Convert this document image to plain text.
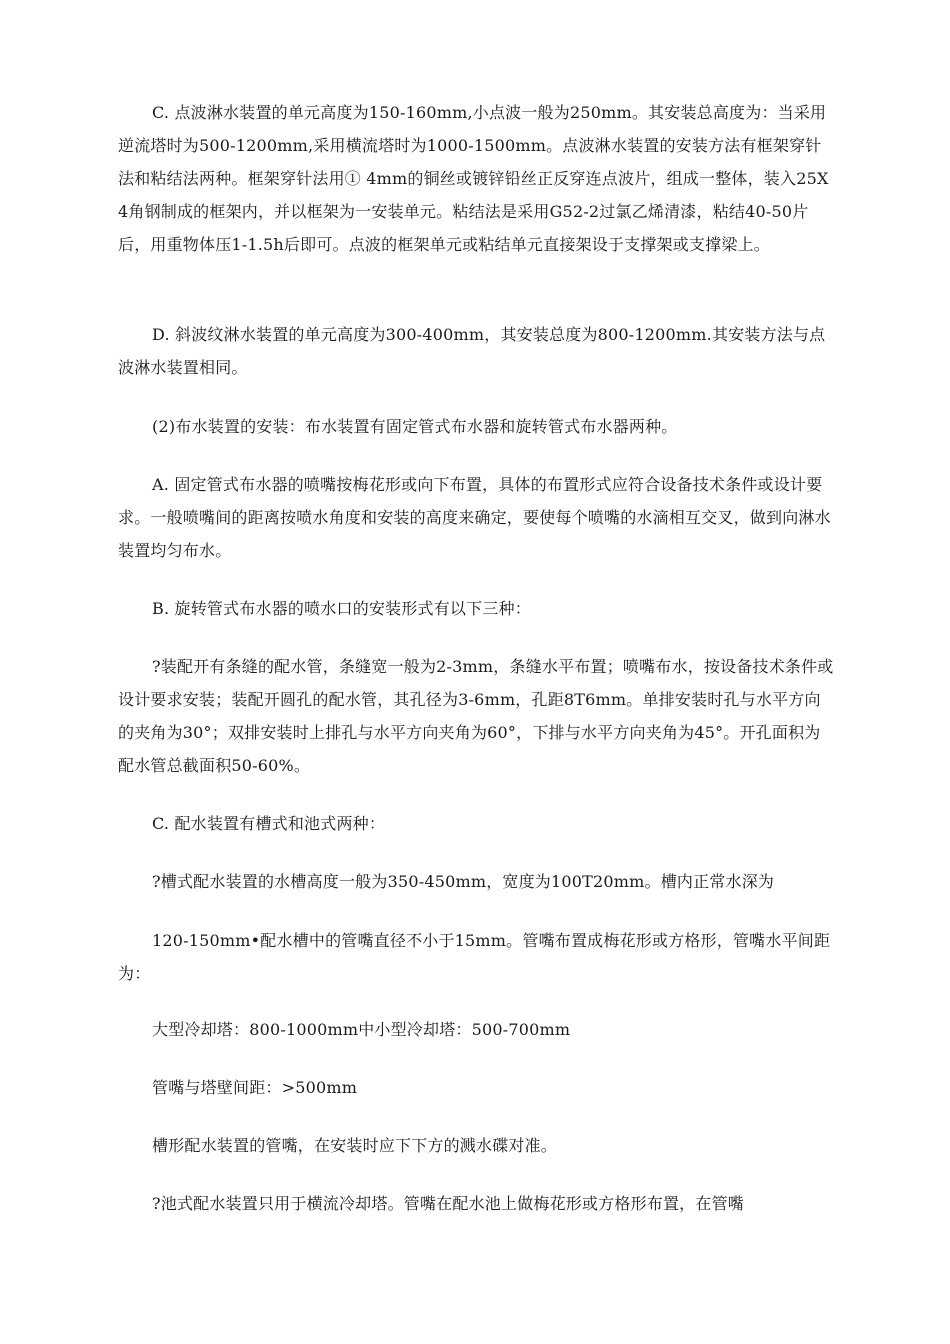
C. 点波淋水装置的单元高度为150-160mm,小点波一般为250mm。其安装总高度为：当采用逆流塔时为500-1200mm,采用横流塔时为1000-1500mm。点波淋水装置的安装方法有框架穿针法和粘结法两种。框架穿针法用① 4mm的铜丝或镀锌铅丝正反穿连点波片，组成一整体，装入25X4角钢制成的框架内，并以框架为一安装单元。粘结法是采用G52-2过氯乙烯清漆，粘结40-50片后，用重物体压1-1.5h后即可。点波的框架单元或粘结单元直接架设于支撑架或支撑梁上。

D. 斜波纹淋水装置的单元高度为300-400mm，其安装总度为800-1200mm.其安装方法与点波淋水装置相同。

(2)布水装置的安装：布水装置有固定管式布水器和旋转管式布水器两种。

A. 固定管式布水器的喷嘴按梅花形或向下布置，具体的布置形式应符合设备技术条件或设计要求。一般喷嘴间的距离按喷水角度和安装的高度来确定，要使每个喷嘴的水滴相互交叉，做到向淋水装置均匀布水。

B. 旋转管式布水器的喷水口的安装形式有以下三种：

?装配开有条缝的配水管，条缝宽一般为2-3mm，条缝水平布置；喷嘴布水，按设备技术条件或设计要求安装；装配开圆孔的配水管，其孔径为3-6mm，孔距8T6mm。单排安装时孔与水平方向的夹角为30°；双排安装时上排孔与水平方向夹角为60°，下排与水平方向夹角为45°。开孔面积为配水管总截面积50-60%。

C. 配水装置有槽式和池式两种：

?槽式配水装置的水槽高度一般为350-450mm，宽度为100T20mm。槽内正常水深为

120-150mm•配水槽中的管嘴直径不小于15mm。管嘴布置成梅花形或方格形，管嘴水平间距为：

大型冷却塔：800-1000mm中小型冷却塔：500-700mm

管嘴与塔壁间距：>500mm

槽形配水装置的管嘴，在安装时应下下方的溅水碟对准。

?池式配水装置只用于横流冷却塔。管嘴在配水池上做梅花形或方格形布置，在管嘴
